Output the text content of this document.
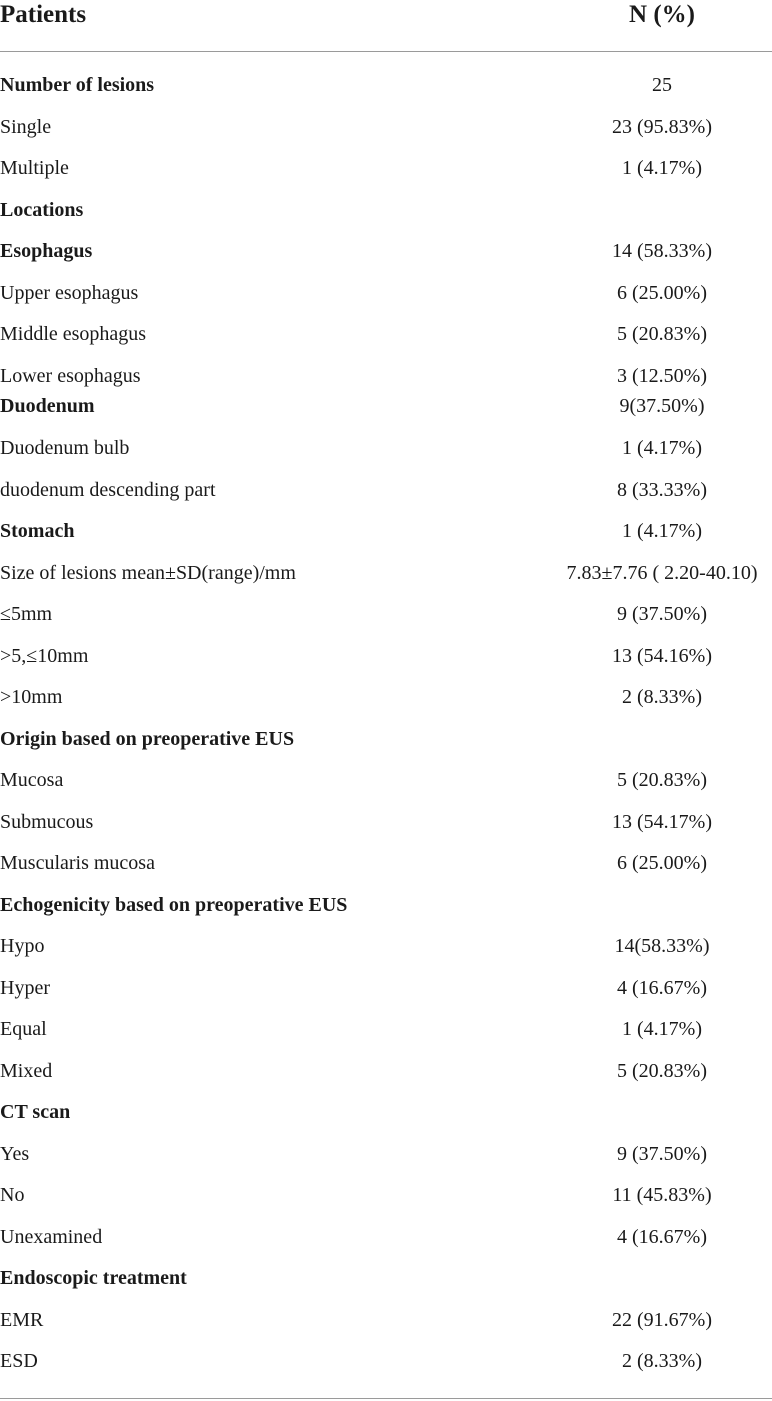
Patients	N (%)
Number of lesions	25
Single	23 (95.83%)
Multiple	1 (4.17%)
Locations
Esophagus	14 (58.33%)
Upper esophagus	6 (25.00%)
Middle esophagus	5 (20.83%)
Lower esophagus	3 (12.50%)
Duodenum	9(37.50%)
Duodenum bulb	1 (4.17%)
duodenum descending part	8 (33.33%)
Stomach	1 (4.17%)
Size of lesions mean±SD(range)/mm	7.83±7.76 ( 2.20-40.10)
≤5mm	9 (37.50%)
>5,≤10mm	13 (54.16%)
>10mm	2 (8.33%)
Origin based on preoperative EUS
Mucosa	5 (20.83%)
Submucous	13 (54.17%)
Muscularis mucosa	6 (25.00%)
Echogenicity based on preoperative EUS
Hypo	14(58.33%)
Hyper	4 (16.67%)
Equal	1 (4.17%)
Mixed	5 (20.83%)
CT scan
Yes	9 (37.50%)
No	11 (45.83%)
Unexamined	4 (16.67%)
Endoscopic treatment
EMR	22 (91.67%)
ESD	2 (8.33%)
